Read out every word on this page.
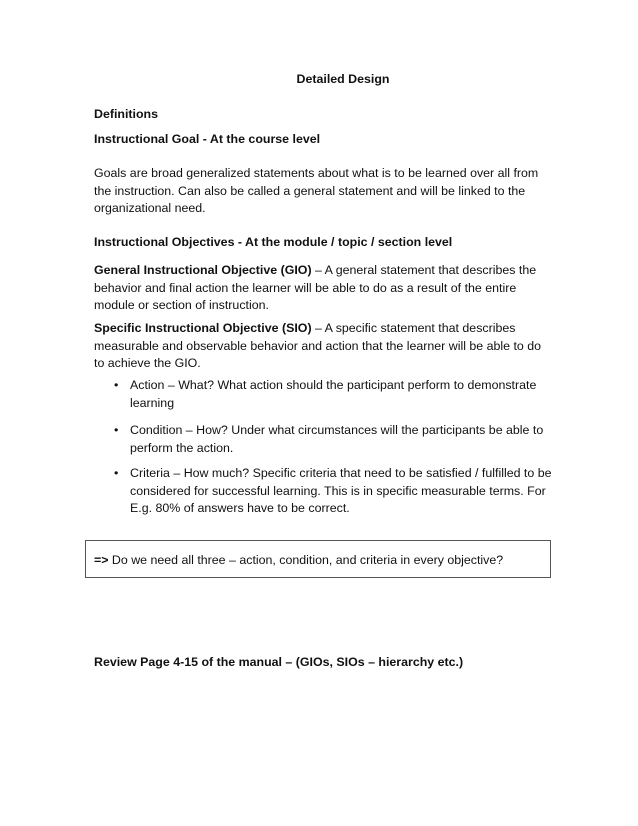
Detailed Design

Definitions

Instructional Goal - At the course level

Goals are broad generalized statements about what is to be learned over all from the instruction. Can also be called a general statement and will be linked to the organizational need.

Instructional Objectives - At the module / topic / section level

General Instructional Objective (GIO) – A general statement that describes the behavior and final action the learner will be able to do as a result of the entire module or section of instruction.

Specific Instructional Objective (SIO) – A specific statement that describes measurable and observable behavior and action that the learner will be able to do to achieve the GIO.

• Action – What? What action should the participant perform to demonstrate learning
• Condition – How? Under what circumstances will the participants be able to perform the action.
• Criteria – How much? Specific criteria that need to be satisfied / fulfilled to be considered for successful learning. This is in specific measurable terms. For E.g. 80% of answers have to be correct.
=> Do we need all three – action, condition, and criteria in every objective?

Review Page 4-15 of the manual – (GIOs, SIOs – hierarchy etc.)
